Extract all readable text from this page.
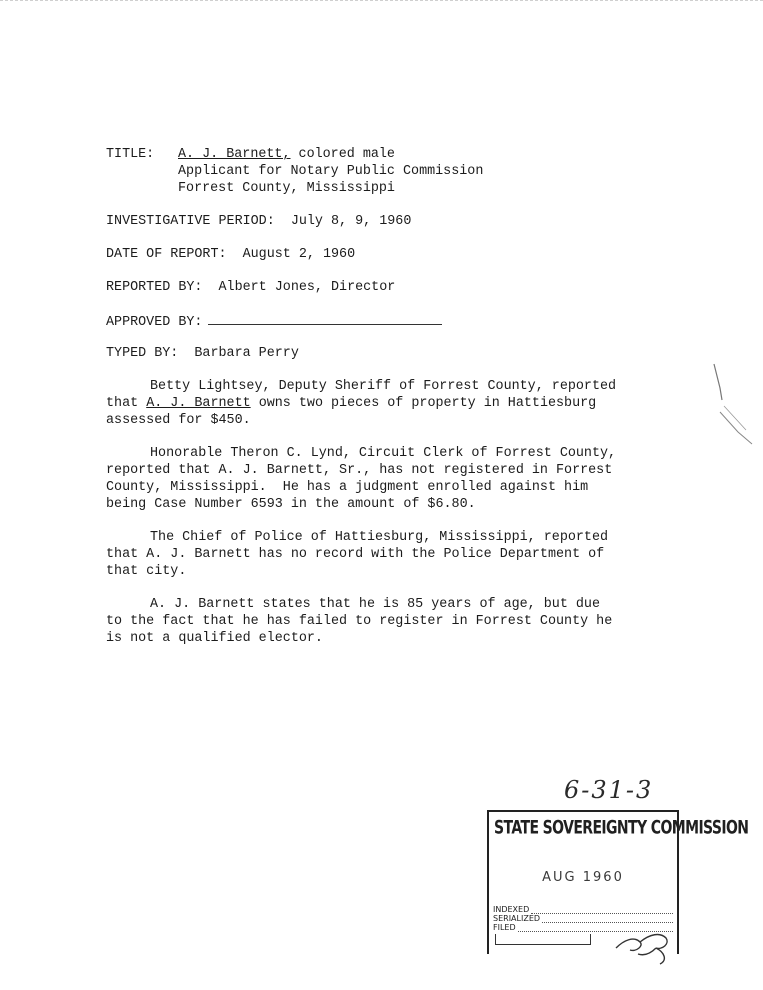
TITLE:	A. J. Barnett, colored male
Applicant for Notary Public Commission
Forrest County, Mississippi
INVESTIGATIVE PERIOD:  July 8, 9, 1960
DATE OF REPORT:  August 2, 1960
REPORTED BY:  Albert Jones, Director
APPROVED BY:
TYPED BY:  Barbara Perry
Betty Lightsey, Deputy Sheriff of Forrest County, reported
that A. J. Barnett owns two pieces of property in Hattiesburg
assessed for $450.
Honorable Theron C. Lynd, Circuit Clerk of Forrest County,
reported that A. J. Barnett, Sr., has not registered in Forrest
County, Mississippi.  He has a judgment enrolled against him
being Case Number 6593 in the amount of $6.80.
The Chief of Police of Hattiesburg, Mississippi, reported
that A. J. Barnett has no record with the Police Department of
that city.
A. J. Barnett states that he is 85 years of age, but due
to the fact that he has failed to register in Forrest County he
is not a qualified elector.
6-31-3
STATE SOVEREIGNTY COMMISSION
AUG 1960
INDEXED
SERIALIZED
FILED
